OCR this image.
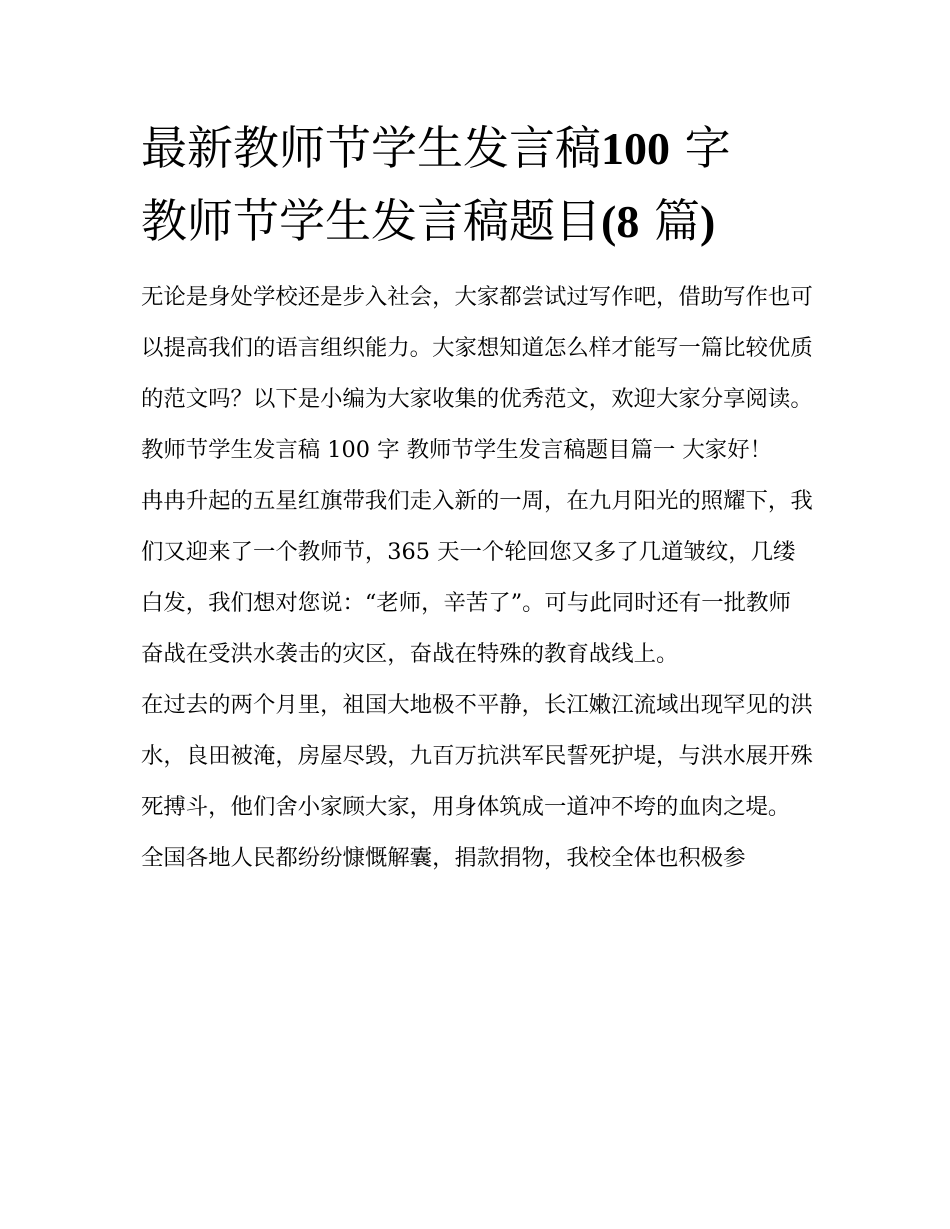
最新教师节学生发言稿100 字
教师节学生发言稿题目(8 篇)

无论是身处学校还是步入社会，大家都尝试过写作吧，借助写作也可以提高我们的语言组织能力。大家想知道怎么样才能写一篇比较优质的范文吗？以下是小编为大家收集的优秀范文，欢迎大家分享阅读。

教师节学生发言稿 100 字 教师节学生发言稿题目篇一 大家好！

冉冉升起的五星红旗带我们走入新的一周，在九月阳光的照耀下，我们又迎来了一个教师节，365 天一个轮回您又多了几道皱纹，几缕白发，我们想对您说：“老师，辛苦了”。可与此同时还有一批教师奋战在受洪水袭击的灾区，奋战在特殊的教育战线上。

在过去的两个月里，祖国大地极不平静，长江嫩江流域出现罕见的洪水，良田被淹，房屋尽毁，九百万抗洪军民誓死护堤，与洪水展开殊死搏斗，他们舍小家顾大家，用身体筑成一道冲不垮的血肉之堤。

全国各地人民都纷纷慷慨解囊，捐款捐物，我校全体也积极参
